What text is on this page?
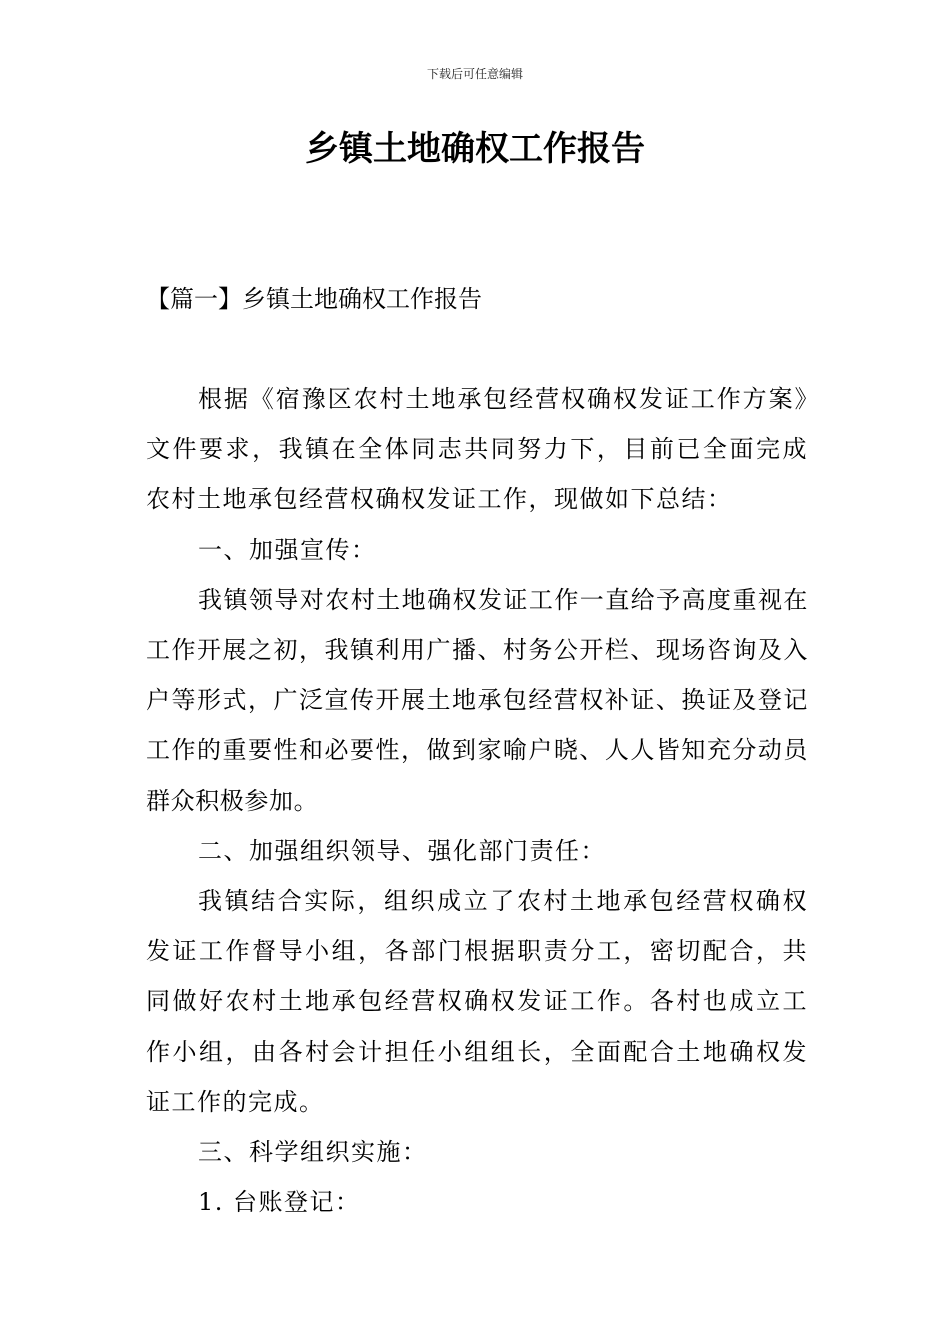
下载后可任意编辑
乡镇土地确权工作报告
【篇一】乡镇土地确权工作报告

根据《宿豫区农村土地承包经营权确权发证工作方案》文件要求，我镇在全体同志共同努力下，目前已全面完成农村土地承包经营权确权发证工作，现做如下总结：

一、加强宣传：

我镇领导对农村土地确权发证工作一直给予高度重视在工作开展之初，我镇利用广播、村务公开栏、现场咨询及入户等形式，广泛宣传开展土地承包经营权补证、换证及登记工作的重要性和必要性，做到家喻户晓、人人皆知充分动员群众积极参加。

二、加强组织领导、强化部门责任：

我镇结合实际，组织成立了农村土地承包经营权确权发证工作督导小组，各部门根据职责分工，密切配合，共同做好农村土地承包经营权确权发证工作。各村也成立工作小组，由各村会计担任小组组长，全面配合土地确权发证工作的完成。

三、科学组织实施：

1. 台账登记：
